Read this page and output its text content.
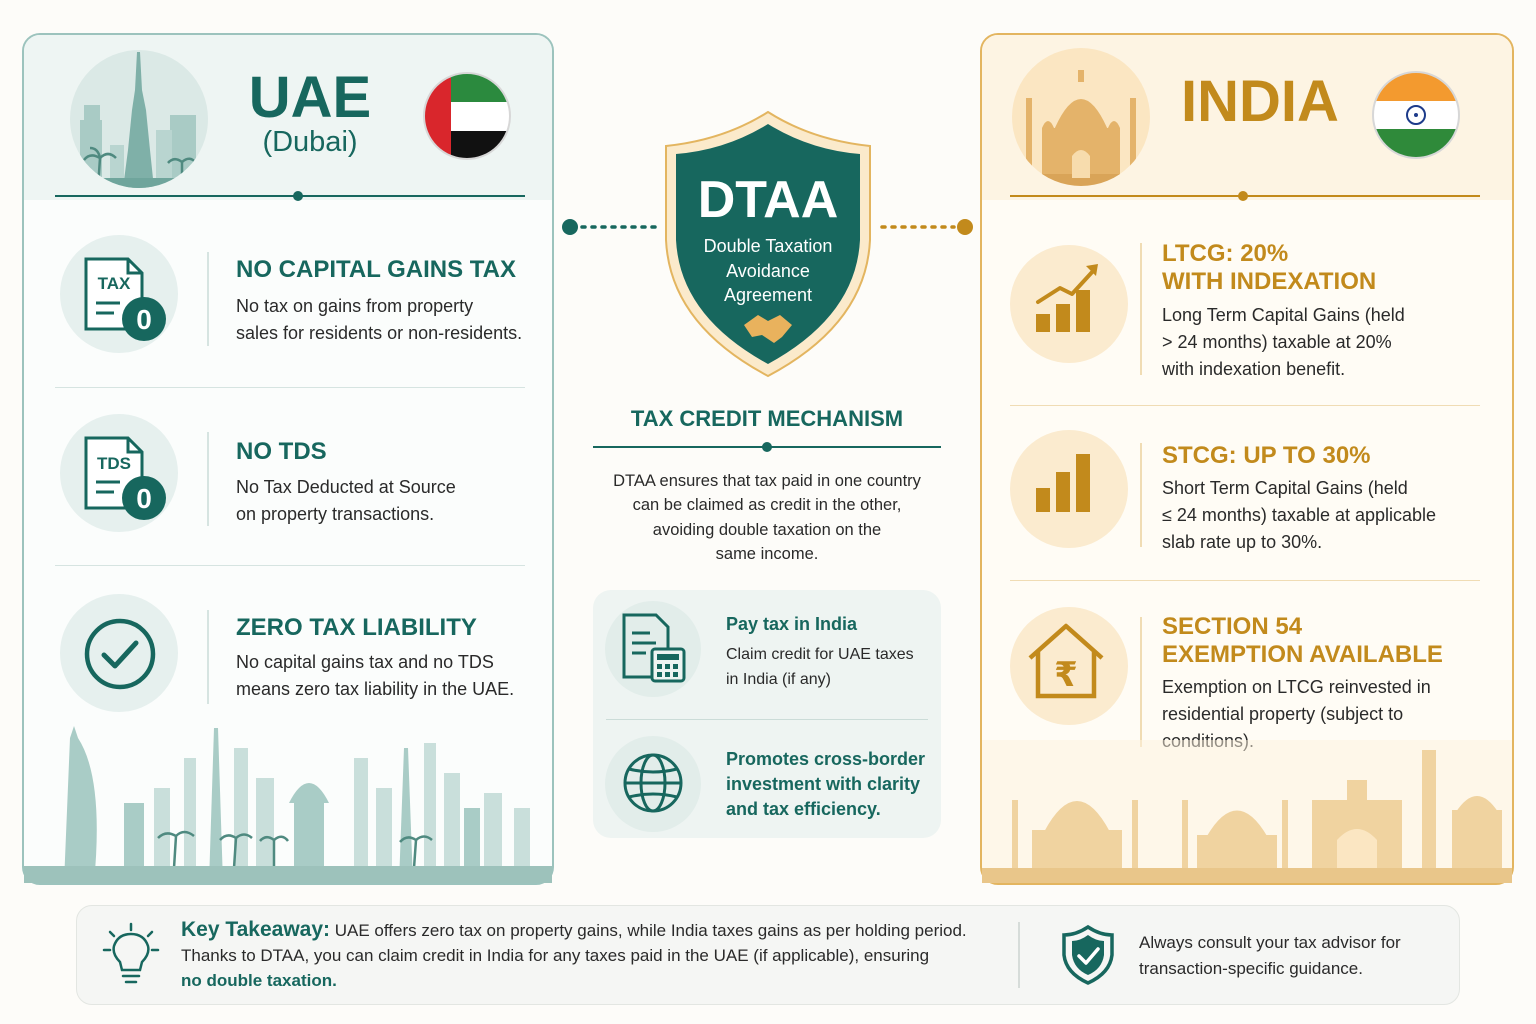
UAE
(Dubai)
TAX
0
NO CAPITAL GAINS TAX
No tax on gains from property
sales for residents or non-residents.
TDS
0
NO TDS
No Tax Deducted at Source
on property transactions.
ZERO TAX LIABILITY
No capital gains tax and no TDS
means zero tax liability in the UAE.
INDIA
LTCG: 20%
WITH INDEXATION
Long Term Capital Gains (held
> 24 months) taxable at 20%
with indexation benefit.
STCG: UP TO 30%
Short Term Capital Gains (held
≤ 24 months) taxable at applicable
slab rate up to 30%.
₹
SECTION 54
EXEMPTION AVAILABLE
Exemption on LTCG reinvested in
residential property (subject to
DTAA
Double Taxation
Avoidance
Agreement
TAX CREDIT MECHANISM
DTAA ensures that tax paid in one country
can be claimed as credit in the other,
avoiding double taxation on the
same income.
Pay tax in India
Claim credit for UAE taxes
in India (if any)
Promotes cross-border
investment with clarity
and tax efficiency.
Key Takeaway: UAE offers zero tax on property gains, while India taxes gains as per holding period.
Thanks to DTAA, you can claim credit in India for any taxes paid in the UAE (if applicable), ensuring
no double taxation.
Always consult your tax advisor for
transaction-specific guidance.
